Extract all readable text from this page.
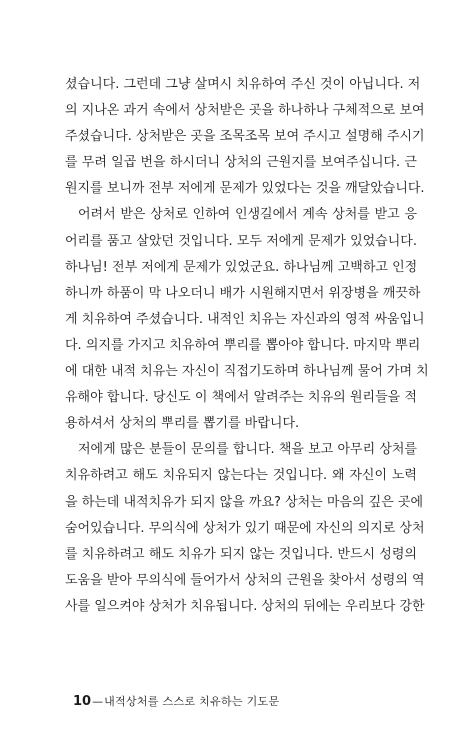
셨습니다. 그런데 그냥 살며시 치유하여 주신 것이 아닙니다. 저
의 지나온 과거 속에서 상처받은 곳을 하나하나 구체적으로 보여
주셨습니다. 상처받은 곳을 조목조목 보여 주시고 설명해 주시기
를 무려 일곱 번을 하시더니 상처의 근원지를 보여주십니다. 근
원지를 보니까 전부 저에게 문제가 있었다는 것을 깨달았습니다.
어려서 받은 상처로 인하여 인생길에서 계속 상처를 받고 응
어리를 품고 살았던 것입니다. 모두 저에게 문제가 있었습니다.
하나님! 전부 저에게 문제가 있었군요. 하나님께 고백하고 인정
하니까 하품이 막 나오더니 배가 시원해지면서 위장병을 깨끗하
게 치유하여 주셨습니다. 내적인 치유는 자신과의 영적 싸움입니
다. 의지를 가지고 치유하여 뿌리를 뽑아야 합니다. 마지막 뿌리
에 대한 내적 치유는 자신이 직접기도하며 하나님께 물어 가며 치
유해야 합니다. 당신도 이 책에서 알려주는 치유의 원리들을 적
용하셔서 상처의 뿌리를 뽑기를 바랍니다.
저에게 많은 분들이 문의를 합니다. 책을 보고 아무리 상처를
치유하려고 해도 치유되지 않는다는 것입니다. 왜 자신이 노력
을 하는데 내적치유가 되지 않을 까요? 상처는 마음의 깊은 곳에
숨어있습니다. 무의식에 상처가 있기 때문에 자신의 의지로 상처
를 치유하려고 해도 치유가 되지 않는 것입니다. 반드시 성령의
도움을 받아 무의식에 들어가서 상처의 근원을 찾아서 성령의 역
사를 일으켜야 상처가 치유됩니다. 상처의 뒤에는 우리보다 강한
10—내적상처를 스스로 치유하는 기도문
